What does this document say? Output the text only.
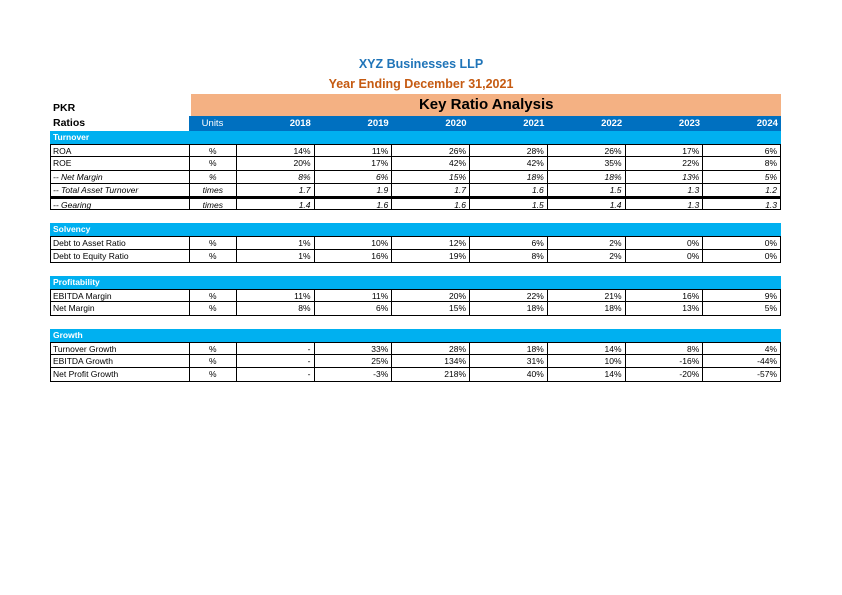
XYZ Businesses LLP
Year Ending December 31,2021
PKR	Key Ratio Analysis
Ratios	Units	2018	2019	2020	2021	2022	2023	2024
Turnover
ROA	%	14%	11%	26%	28%	26%	17%	6%
ROE	%	20%	17%	42%	42%	35%	22%	8%
-- Net Margin	%	8%	6%	15%	18%	18%	13%	5%
-- Total Asset Turnover	times	1.7	1.9	1.7	1.6	1.5	1.3	1.2
-- Gearing	times	1.4	1.6	1.6	1.5	1.4	1.3	1.3
Solvency
Debt to Asset Ratio	%	1%	10%	12%	6%	2%	0%	0%
Debt to Equity Ratio	%	1%	16%	19%	8%	2%	0%	0%
Profitability
EBITDA Margin	%	11%	11%	20%	22%	21%	16%	9%
Net Margin	%	8%	6%	15%	18%	18%	13%	5%
Growth
Turnover Growth	%	-	33%	28%	18%	14%	8%	4%
EBITDA Growth	%	-	25%	134%	31%	10%	-16%	-44%
Net Profit Growth	%	-	-3%	218%	40%	14%	-20%	-57%
